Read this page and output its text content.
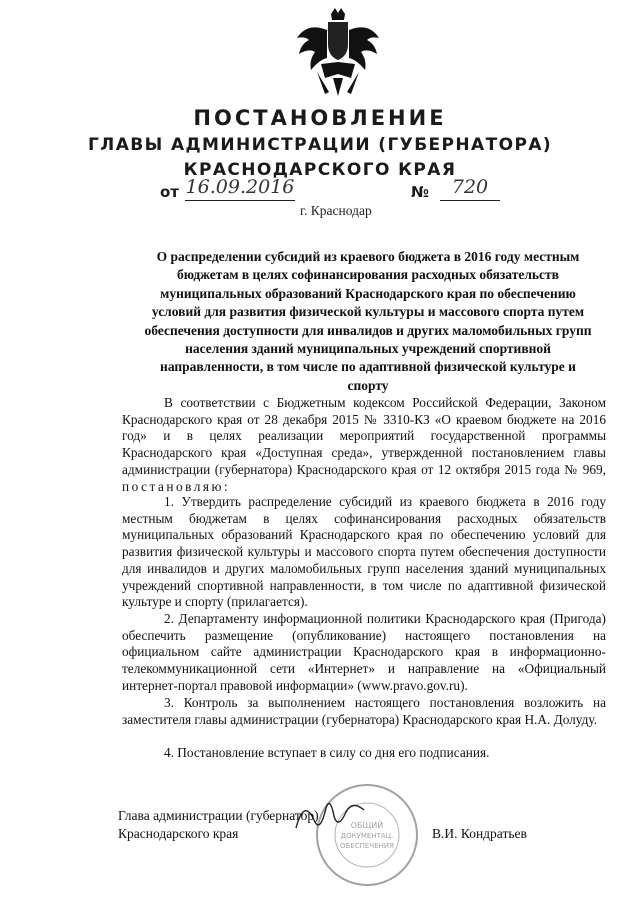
ПОСТАНОВЛЕНИЕ
ГЛАВЫ АДМИНИСТРАЦИИ (ГУБЕРНАТОРА)
КРАСНОДАРСКОГО КРАЯ
от 16.09.2016	№	720
г. Краснодар
О распределении субсидий из краевого бюджета в 2016 году местным бюджетам в целях софинансирования расходных обязательств муниципальных образований Краснодарского края по обеспечению условий для развития физической культуры и массового спорта путем обеспечения доступности для инвалидов и других маломобильных групп населения зданий муниципальных учреждений спортивной направленности, в том числе по адаптивной физической культуре и спорту
В соответствии с Бюджетным кодексом Российской Федерации, Законом Краснодарского края от 28 декабря 2015 № 3310-КЗ «О краевом бюджете на 2016 год» и в целях реализации мероприятий государственной программы Краснодарского края «Доступная среда», утвержденной постановлением главы администрации (губернатора) Краснодарского края от 12 октября 2015 года № 969, постановляю:
1. Утвердить распределение субсидий из краевого бюджета в 2016 году местным бюджетам в целях софинансирования расходных обязательств муниципальных образований Краснодарского края по обеспечению условий для развития физической культуры и массового спорта путем обеспечения доступности для инвалидов и других маломобильных групп населения зданий муниципальных учреждений спортивной направленности, в том числе по адаптивной физической культуре и спорту (прилагается).
2. Департаменту информационной политики Краснодарского края (Пригода) обеспечить размещение (опубликование) настоящего постановления на официальном сайте администрации Краснодарского края в информационно-телекоммуникационной сети «Интернет» и направление на «Официальный интернет-портал правовой информации» (www.pravo.gov.ru).
3. Контроль за выполнением настоящего постановления возложить на заместителя главы администрации (губернатора) Краснодарского края Н.А. Долуду.
4. Постановление вступает в силу со дня его подписания.
ОБЩИЙ
ДОКУМЕНТАЦ.
ОБЕСПЕЧЕНИЯ
Глава администрации (губернатор)
Краснодарского края	В.И. Кондратьев
